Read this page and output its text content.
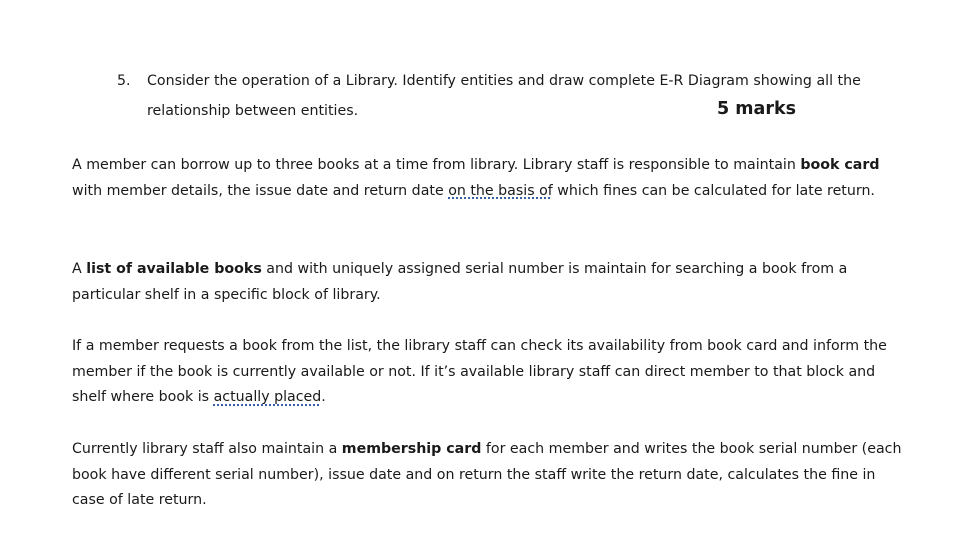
5. Consider the operation of a Library. Identify entities and draw complete E-R Diagram showing all the
relationship between entities.	5 marks

A member can borrow up to three books at a time from library. Library staff is responsible to maintain book card with member details, the issue date and return date on the basis of which fines can be calculated for late return.

A list of available books and with uniquely assigned serial number is maintain for searching a book from a particular shelf in a specific block of library.

If a member requests a book from the list, the library staff can check its availability from book card and inform the member if the book is currently available or not. If it’s available library staff can direct member to that block and shelf where book is actually placed.

Currently library staff also maintain a membership card for each member and writes the book serial number (each book have different serial number), issue date and on return the staff write the return date, calculates the fine in case of late return.
